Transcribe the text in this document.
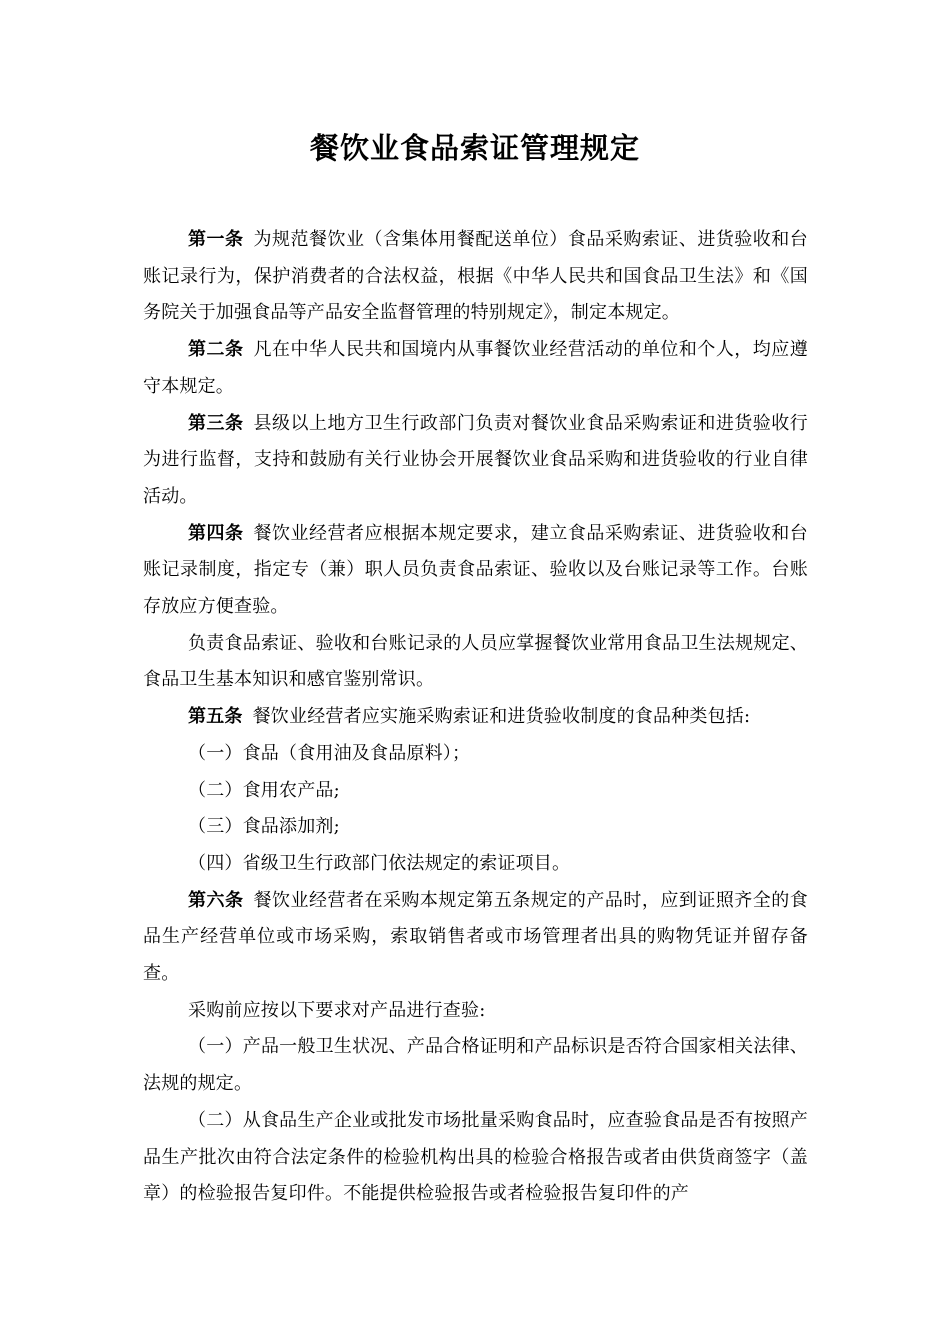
餐饮业食品索证管理规定

第一条 为规范餐饮业（含集体用餐配送单位）食品采购索证、进货验收和台账记录行为，保护消费者的合法权益，根据《中华人民共和国食品卫生法》和《国务院关于加强食品等产品安全监督管理的特别规定》，制定本规定。

第二条 凡在中华人民共和国境内从事餐饮业经营活动的单位和个人，均应遵守本规定。

第三条 县级以上地方卫生行政部门负责对餐饮业食品采购索证和进货验收行为进行监督，支持和鼓励有关行业协会开展餐饮业食品采购和进货验收的行业自律活动。

第四条 餐饮业经营者应根据本规定要求，建立食品采购索证、进货验收和台账记录制度，指定专（兼）职人员负责食品索证、验收以及台账记录等工作。台账存放应方便查验。

负责食品索证、验收和台账记录的人员应掌握餐饮业常用食品卫生法规规定、食品卫生基本知识和感官鉴别常识。

第五条 餐饮业经营者应实施采购索证和进货验收制度的食品种类包括:

（一）食品（食用油及食品原料）；

（二）食用农产品;

（三）食品添加剂;

（四）省级卫生行政部门依法规定的索证项目。

第六条 餐饮业经营者在采购本规定第五条规定的产品时，应到证照齐全的食品生产经营单位或市场采购，索取销售者或市场管理者出具的购物凭证并留存备查。

采购前应按以下要求对产品进行查验:

（一）产品一般卫生状况、产品合格证明和产品标识是否符合国家相关法律、法规的规定。

（二）从食品生产企业或批发市场批量采购食品时，应查验食品是否有按照产品生产批次由符合法定条件的检验机构出具的检验合格报告或者由供货商签字（盖章）的检验报告复印件。不能提供检验报告或者检验报告复印件的产
